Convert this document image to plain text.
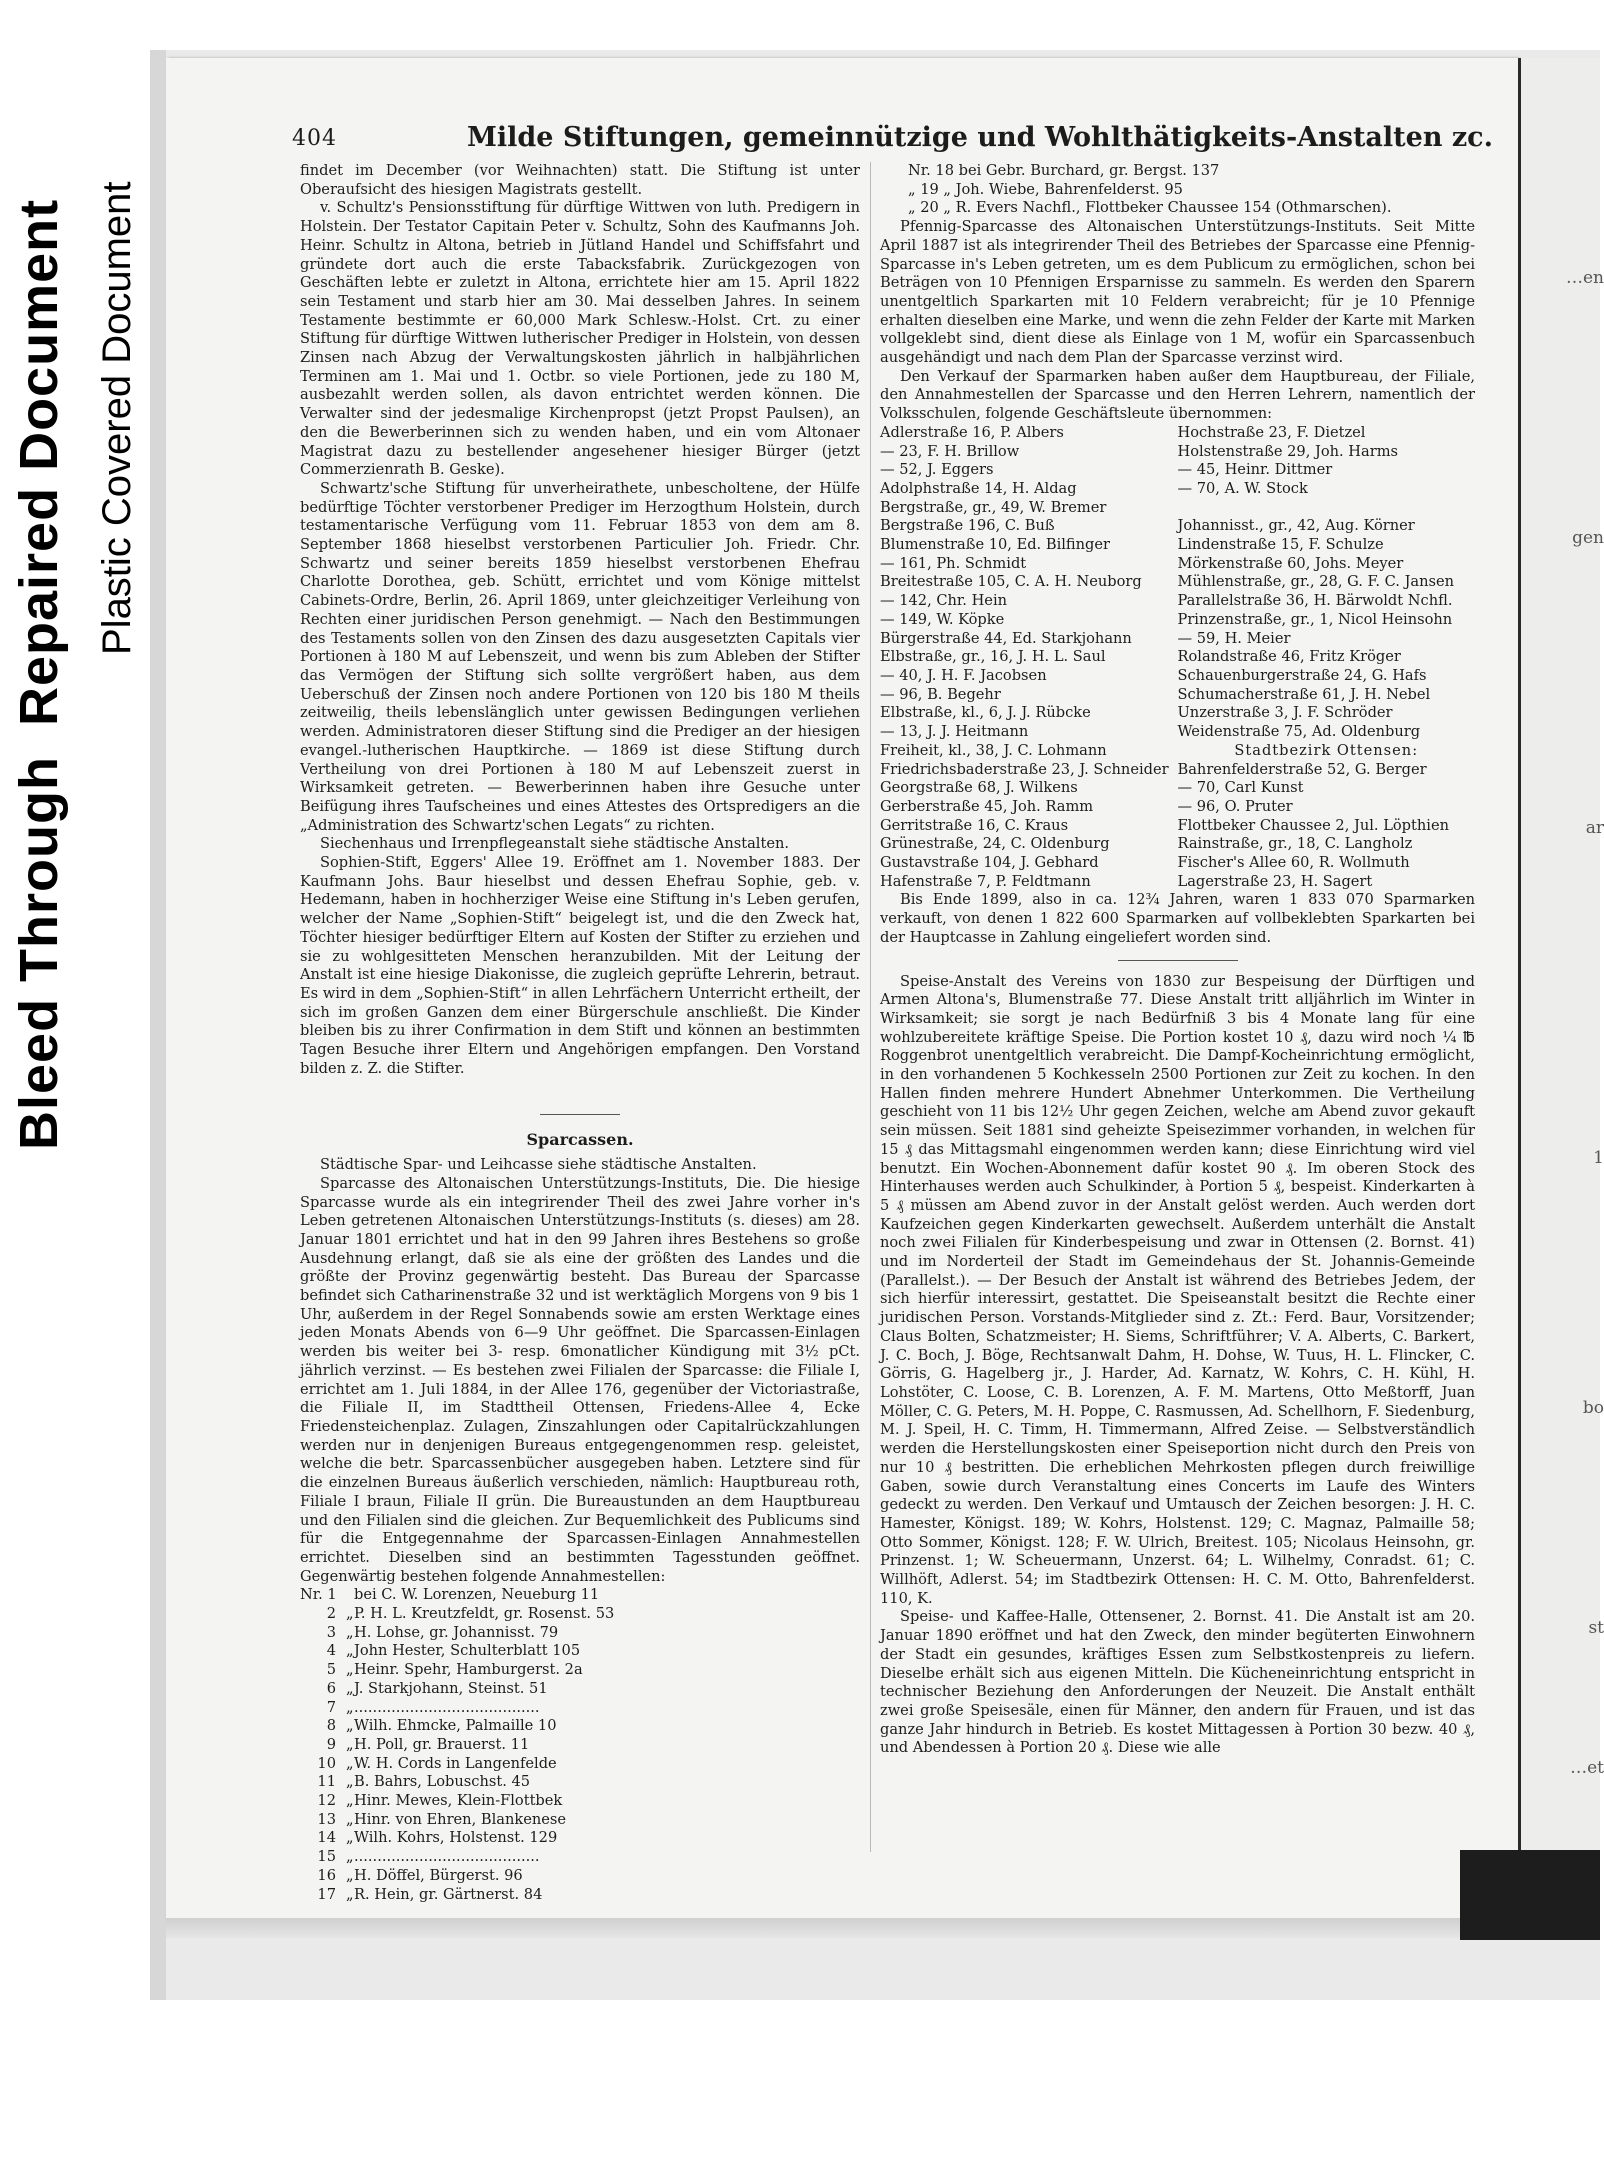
Bleed ThroughRepaired Document Plastic Covered Document	…en
gen
ar
1
bo
st
…et
404	Milde Stiftungen, gemeinnützige und Wohlthätigkeits-Anstalten zc.

findet im December (vor Weihnachten) statt. Die Stiftung ist unter Oberaufsicht des hiesigen Magistrats gestellt.

v. Schultz's Pensionsstiftung für dürftige Wittwen von luth. Predigern in Holstein. Der Testator Capitain Peter v. Schultz, Sohn des Kaufmanns Joh. Heinr. Schultz in Altona, betrieb in Jütland Handel und Schiffsfahrt und gründete dort auch die erste Tabacksfabrik. Zurückgezogen von Geschäften lebte er zuletzt in Altona, errichtete hier am 15. April 1822 sein Testament und starb hier am 30. Mai desselben Jahres. In seinem Testamente bestimmte er 60,000 Mark Schlesw.-Holst. Crt. zu einer Stiftung für dürftige Wittwen lutherischer Prediger in Holstein, von dessen Zinsen nach Abzug der Verwaltungskosten jährlich in halbjährlichen Terminen am 1. Mai und 1. Octbr. so viele Portionen, jede zu 180 M, ausbezahlt werden sollen, als davon entrichtet werden können. Die Verwalter sind der jedesmalige Kirchenpropst (jetzt Propst Paulsen), an den die Bewerberinnen sich zu wenden haben, und ein vom Altonaer Magistrat dazu zu bestellender angesehener hiesiger Bürger (jetzt Commerzienrath B. Geske).

Schwartz'sche Stiftung für unverheirathete, unbescholtene, der Hülfe bedürftige Töchter verstorbener Prediger im Herzogthum Holstein, durch testamentarische Verfügung vom 11. Februar 1853 von dem am 8. September 1868 hieselbst verstorbenen Particulier Joh. Friedr. Chr. Schwartz und seiner bereits 1859 hieselbst verstorbenen Ehefrau Charlotte Dorothea, geb. Schütt, errichtet und vom Könige mittelst Cabinets-Ordre, Berlin, 26. April 1869, unter gleichzeitiger Verleihung von Rechten einer juridischen Person genehmigt. — Nach den Bestimmungen des Testaments sollen von den Zinsen des dazu ausgesetzten Capitals vier Portionen à 180 M auf Lebenszeit, und wenn bis zum Ableben der Stifter das Vermögen der Stiftung sich sollte vergrößert haben, aus dem Ueberschuß der Zinsen noch andere Portionen von 120 bis 180 M theils zeitweilig, theils lebenslänglich unter gewissen Bedingungen verliehen werden. Administratoren dieser Stiftung sind die Prediger an der hiesigen evangel.-lutherischen Hauptkirche. — 1869 ist diese Stiftung durch Vertheilung von drei Portionen à 180 M auf Lebenszeit zuerst in Wirksamkeit getreten. — Bewerberinnen haben ihre Gesuche unter Beifügung ihres Taufscheines und eines Attestes des Ortspredigers an die „Administration des Schwartz'schen Legats“ zu richten.

Siechenhaus und Irrenpflegeanstalt siehe städtische Anstalten.

Sophien-Stift, Eggers' Allee 19. Eröffnet am 1. November 1883. Der Kaufmann Johs. Baur hieselbst und dessen Ehefrau Sophie, geb. v. Hedemann, haben in hochherziger Weise eine Stiftung in's Leben gerufen, welcher der Name „Sophien-Stift“ beigelegt ist, und die den Zweck hat, Töchter hiesiger bedürftiger Eltern auf Kosten der Stifter zu erziehen und sie zu wohlgesitteten Menschen heranzubilden. Mit der Leitung der Anstalt ist eine hiesige Diakonisse, die zugleich geprüfte Lehrerin, betraut. Es wird in dem „Sophien-Stift“ in allen Lehrfächern Unterricht ertheilt, der sich im großen Ganzen dem einer Bürgerschule anschließt. Die Kinder bleiben bis zu ihrer Confirmation in dem Stift und können an bestimmten Tagen Besuche ihrer Eltern und Angehörigen empfangen. Den Vorstand bilden z. Z. die Stifter.

Sparcassen.

Städtische Spar- und Leihcasse siehe städtische Anstalten.

Sparcasse des Altonaischen Unterstützungs-Instituts, Die. Die hiesige Sparcasse wurde als ein integrirender Theil des zwei Jahre vorher in's Leben getretenen Altonaischen Unterstützungs-Instituts (s. dieses) am 28. Januar 1801 errichtet und hat in den 99 Jahren ihres Bestehens so große Ausdehnung erlangt, daß sie als eine der größten des Landes und die größte der Provinz gegenwärtig besteht. Das Bureau der Sparcasse befindet sich Catharinenstraße 32 und ist werktäglich Morgens von 9 bis 1 Uhr, außerdem in der Regel Sonnabends sowie am ersten Werktage eines jeden Monats Abends von 6—9 Uhr geöffnet. Die Sparcassen-Einlagen werden bis weiter bei 3- resp. 6monatlicher Kündigung mit 3½ pCt. jährlich verzinst. — Es bestehen zwei Filialen der Sparcasse: die Filiale I, errichtet am 1. Juli 1884, in der Allee 176, gegenüber der Victoriastraße, die Filiale II, im Stadttheil Ottensen, Friedens-Allee 4, Ecke Friedensteichenplaz. Zulagen, Zinszahlungen oder Capitalrückzahlungen werden nur in denjenigen Bureaus entgegengenommen resp. geleistet, welche die betr. Sparcassenbücher ausgegeben haben. Letztere sind für die einzelnen Bureaus äußerlich verschieden, nämlich: Hauptbureau roth, Filiale I braun, Filiale II grün. Die Bureaustunden an dem Hauptbureau und den Filialen sind die gleichen. Zur Bequemlichkeit des Publicums sind für die Entgegennahme der Sparcassen-Einlagen Annahmestellen errichtet. Dieselben sind an bestimmten Tagesstunden geöffnet. Gegenwärtig bestehen folgende Annahmestellen:

Nr. 1	bei C. W. Lorenzen, Neueburg 11
2 „ P. H. L. Kreutzfeldt, gr. Rosenst. 53
3 „ H. Lohse, gr. Johannisst. 79
4 „ John Hester, Schulterblatt 105
5 „ Heinr. Spehr, Hamburgerst. 2a
6 „ J. Starkjohann, Steinst. 51
7 „ ........................................
8 „ Wilh. Ehmcke, Palmaille 10
9 „ H. Poll, gr. Brauerst. 11
10 „ W. H. Cords in Langenfelde
11 „ B. Bahrs, Lobuschst. 45
12 „ Hinr. Mewes, Klein-Flottbek
13 „ Hinr. von Ehren, Blankenese
14 „ Wilh. Kohrs, Holstenst. 129
15 „ ........................................
16 „ H. Döffel, Bürgerst. 96
17 „ R. Hein, gr. Gärtnerst. 84
Nr. 18 bei Gebr. Burchard, gr. Bergst. 137
„ 19 „ Joh. Wiebe, Bahrenfelderst. 95
„ 20 „ R. Evers Nachfl., Flottbeker Chaussee 154 (Othmarschen).

Pfennig-Sparcasse des Altonaischen Unterstützungs-Instituts. Seit Mitte April 1887 ist als integrirender Theil des Betriebes der Sparcasse eine Pfennig-Sparcasse in's Leben getreten, um es dem Publicum zu ermöglichen, schon bei Beträgen von 10 Pfennigen Ersparnisse zu sammeln. Es werden den Sparern unentgeltlich Sparkarten mit 10 Feldern verabreicht; für je 10 Pfennige erhalten dieselben eine Marke, und wenn die zehn Felder der Karte mit Marken vollgeklebt sind, dient diese als Einlage von 1 M, wofür ein Sparcassenbuch ausgehändigt und nach dem Plan der Sparcasse verzinst wird.

Den Verkauf der Sparmarken haben außer dem Hauptbureau, der Filiale, den Annahmestellen der Sparcasse und den Herren Lehrern, namentlich der Volksschulen, folgende Geschäftsleute übernommen:

Adlerstraße 16, P. Albers	Hochstraße 23, F. Dietzel
— 23, F. H. Brillow	Holstenstraße 29, Joh. Harms
— 52, J. Eggers	— 45, Heinr. Dittmer
Adolphstraße 14, H. Aldag	— 70, A. W. Stock
Bergstraße, gr., 49, W. Bremer
Bergstraße 196, C. Buß	Johannisst., gr., 42, Aug. Körner
Blumenstraße 10, Ed. Bilfinger	Lindenstraße 15, F. Schulze
— 161, Ph. Schmidt	Mörkenstraße 60, Johs. Meyer
Breitestraße 105, C. A. H. Neuborg	Mühlenstraße, gr., 28, G. F. C. Jansen
— 142, Chr. Hein	Parallelstraße 36, H. Bärwoldt Nchfl.
— 149, W. Köpke	Prinzenstraße, gr., 1, Nicol Heinsohn
Bürgerstraße 44, Ed. Starkjohann	— 59, H. Meier
Elbstraße, gr., 16, J. H. L. Saul	Rolandstraße 46, Fritz Kröger
— 40, J. H. F. Jacobsen	Schauenburgerstraße 24, G. Hafs
— 96, B. Begehr	Schumacherstraße 61, J. H. Nebel
Elbstraße, kl., 6, J. J. Rübcke	Unzerstraße 3, J. F. Schröder
— 13, J. J. Heitmann	Weidenstraße 75, Ad. Oldenburg
Freiheit, kl., 38, J. C. Lohmann	Stadtbezirk Ottensen:
Friedrichsbaderstraße 23, J. Schneider Bahrenfelderstraße 52, G. Berger
Georgstraße 68, J. Wilkens	— 70, Carl Kunst
Gerberstraße 45, Joh. Ramm	— 96, O. Pruter
Gerritstraße 16, C. Kraus	Flottbeker Chaussee 2, Jul. Löpthien
Grünestraße, 24, C. Oldenburg	Rainstraße, gr., 18, C. Langholz
Gustavstraße 104, J. Gebhard	Fischer's Allee 60, R. Wollmuth
Hafenstraße 7, P. Feldtmann	Lagerstraße 23, H. Sagert

Bis Ende 1899, also in ca. 12¾ Jahren, waren 1 833 070 Sparmarken verkauft, von denen 1 822 600 Sparmarken auf vollbeklebten Sparkarten bei der Hauptcasse in Zahlung eingeliefert worden sind.

Speise-Anstalt des Vereins von 1830 zur Bespeisung der Dürftigen und Armen Altona's, Blumenstraße 77. Diese Anstalt tritt alljährlich im Winter in Wirksamkeit; sie sorgt je nach Bedürfniß 3 bis 4 Monate lang für eine wohlzubereitete kräftige Speise. Die Portion kostet 10 ₰, dazu wird noch ¼ ℔ Roggenbrot unentgeltlich verabreicht. Die Dampf-Kocheinrichtung ermöglicht, in den vorhandenen 5 Kochkesseln 2500 Portionen zur Zeit zu kochen. In den Hallen finden mehrere Hundert Abnehmer Unterkommen. Die Vertheilung geschieht von 11 bis 12½ Uhr gegen Zeichen, welche am Abend zuvor gekauft sein müssen. Seit 1881 sind geheizte Speisezimmer vorhanden, in welchen für 15 ₰ das Mittagsmahl eingenommen werden kann; diese Einrichtung wird viel benutzt. Ein Wochen-Abonnement dafür kostet 90 ₰. Im oberen Stock des Hinterhauses werden auch Schulkinder, à Portion 5 ₰, bespeist. Kinderkarten à 5 ₰ müssen am Abend zuvor in der Anstalt gelöst werden. Auch werden dort Kaufzeichen gegen Kinderkarten gewechselt. Außerdem unterhält die Anstalt noch zwei Filialen für Kinderbespeisung und zwar in Ottensen (2. Bornst. 41) und im Norderteil der Stadt im Gemeindehaus der St. Johannis-Gemeinde (Parallelst.). — Der Besuch der Anstalt ist während des Betriebes Jedem, der sich hierfür interessirt, gestattet. Die Speiseanstalt besitzt die Rechte einer juridischen Person. Vorstands-Mitglieder sind z. Zt.: Ferd. Baur, Vorsitzender; Claus Bolten, Schatzmeister; H. Siems, Schriftführer; V. A. Alberts, C. Barkert, J. C. Boch, J. Böge, Rechtsanwalt Dahm, H. Dohse, W. Tuus, H. L. Flincker, C. Görris, G. Hagelberg jr., J. Harder, Ad. Karnatz, W. Kohrs, C. H. Kühl, H. Lohstöter, C. Loose, C. B. Lorenzen, A. F. M. Martens, Otto Meßtorff, Juan Möller, C. G. Peters, M. H. Poppe, C. Rasmussen, Ad. Schellhorn, F. Siedenburg, M. J. Speil, H. C. Timm, H. Timmermann, Alfred Zeise. — Selbstverständlich werden die Herstellungskosten einer Speiseportion nicht durch den Preis von nur 10 ₰ bestritten. Die erheblichen Mehrkosten pflegen durch freiwillige Gaben, sowie durch Veranstaltung eines Concerts im Laufe des Winters gedeckt zu werden. Den Verkauf und Umtausch der Zeichen besorgen: J. H. C. Hamester, Königst. 189; W. Kohrs, Holstenst. 129; C. Magnaz, Palmaille 58; Otto Sommer, Königst. 128; F. W. Ulrich, Breitest. 105; Nicolaus Heinsohn, gr. Prinzenst. 1; W. Scheuermann, Unzerst. 64; L. Wilhelmy, Conradst. 61; C. Willhöft, Adlerst. 54; im Stadtbezirk Ottensen: H. C. M. Otto, Bahrenfelderst. 110, K.

Speise- und Kaffee-Halle, Ottensener, 2. Bornst. 41. Die Anstalt ist am 20. Januar 1890 eröffnet und hat den Zweck, den minder begüterten Einwohnern der Stadt ein gesundes, kräftiges Essen zum Selbstkostenpreis zu liefern. Dieselbe erhält sich aus eigenen Mitteln. Die Kücheneinrichtung entspricht in technischer Beziehung den Anforderungen der Neuzeit. Die Anstalt enthält zwei große Speisesäle, einen für Männer, den andern für Frauen, und ist das ganze Jahr hindurch in Betrieb. Es kostet Mittagessen à Portion 30 bezw. 40 ₰, und Abendessen à Portion 20 ₰. Diese wie alle
